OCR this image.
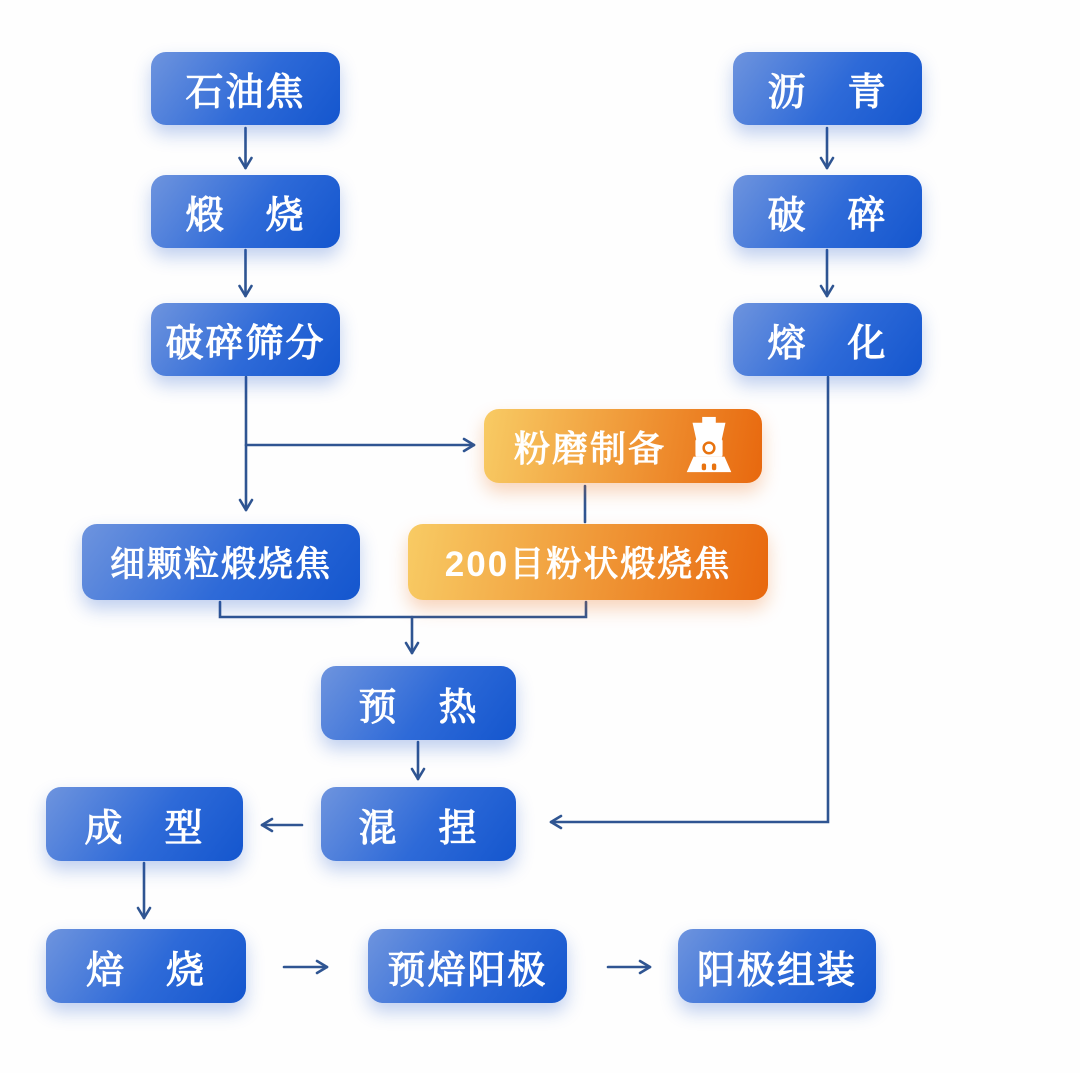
石油焦
煅　烧
破碎筛分
沥　青
破　碎
熔　化
粉磨制备
细颗粒煅烧焦	200目粉状煅烧焦
预　热
混　捏
成　型
焙　烧	预焙阳极	阳极组装
